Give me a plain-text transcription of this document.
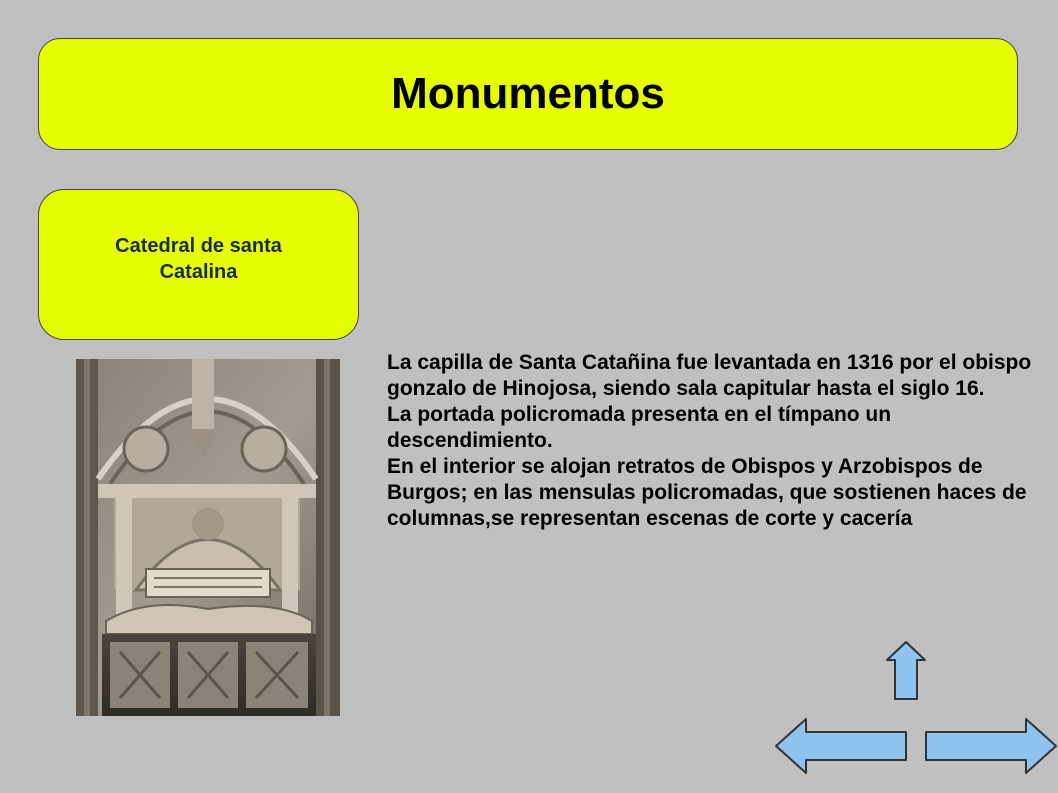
Monumentos
Catedral de santa Catalina

La capilla de Santa Catañina fue levantada en 1316 por el obispo gonzalo de Hinojosa, siendo sala capitular hasta el siglo 16.

La portada policromada presenta en el tímpano un descendimiento.

En el interior se alojan retratos de Obispos y Arzobispos de Burgos; en las mensulas policromadas, que sostienen haces de columnas,se representan escenas de corte y cacería
